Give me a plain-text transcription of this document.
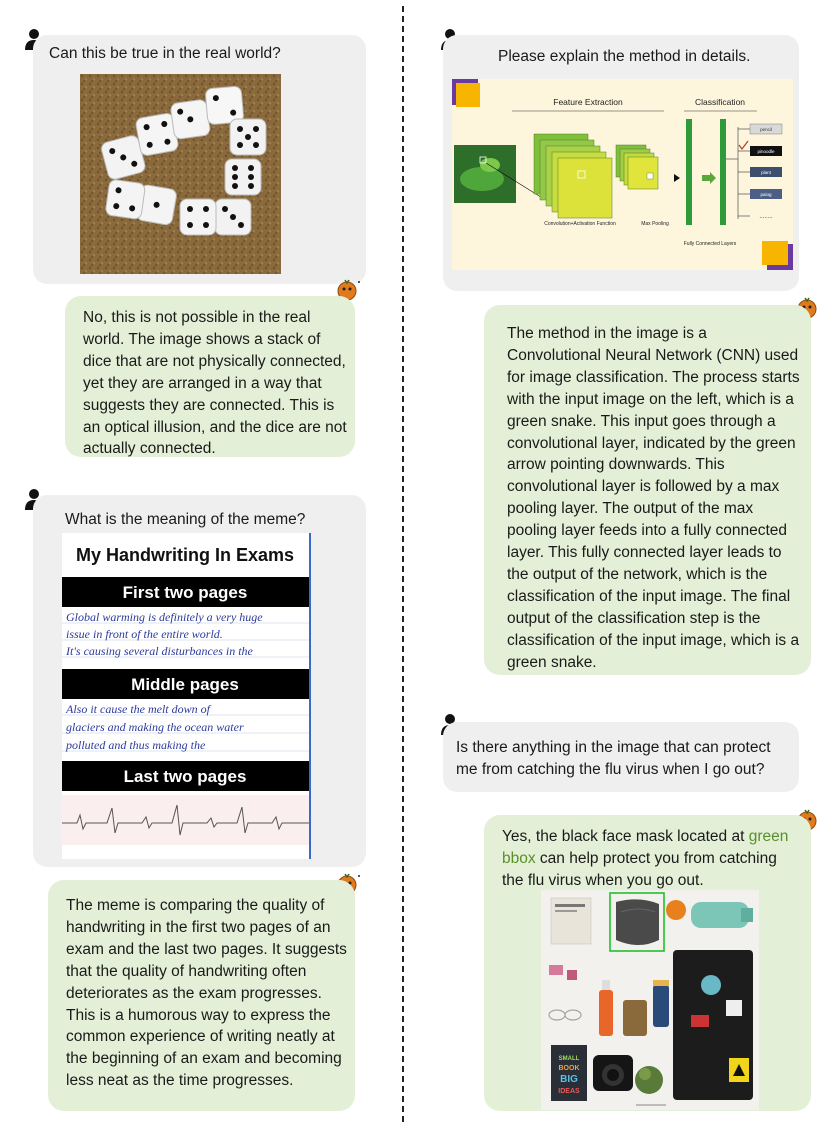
Can this be true in the real world?
No, this is not possible in the real world. The image shows a stack of dice that are not physically connected, yet they are arranged in a way that suggests they are connected. This is an optical illusion, and the dice are not actually connected.
What is the meaning of the meme?
My Handwriting In Exams
First two pages
Global warming is definitely a very huge
issue in front of the entire world.
It's causing several disturbances in the
Middle pages
Also it cause the melt down of
glaciers and making the ocean water
polluted and thus making the
Last two pages
The meme is comparing the quality of handwriting in the first two pages of an exam and the last two pages. It suggests that the quality of handwriting often deteriorates as the exam progresses. This is a humorous way to express the common experience of writing neatly at the beginning of an exam and becoming less neat as the time progresses.
Please explain the method in details.
Feature Extraction	Classification
Convolution+Activation Function	Max Pooling
Fully Connected Layers
pencil
pinoodle
plant
paiog
........
The method in the image is a Convolutional Neural Network (CNN) used for image classification. The process starts with the input image on the left, which is a green snake. This input goes through a convolutional layer, indicated by the green arrow pointing downwards. This convolutional layer is followed by a max pooling layer. The output of the max pooling layer feeds into a fully connected layer. This fully connected layer leads to the output of the network, which is the classification of the input image. The final output of the classification step is the classification of the input image, which is a green snake.
Is there anything in the image that can protect me from catching the flu virus when I go out?
Yes, the black face mask located at green bbox can help protect you from catching the flu virus when you go out.
SMALL
BOOK
BIG
IDEAS
